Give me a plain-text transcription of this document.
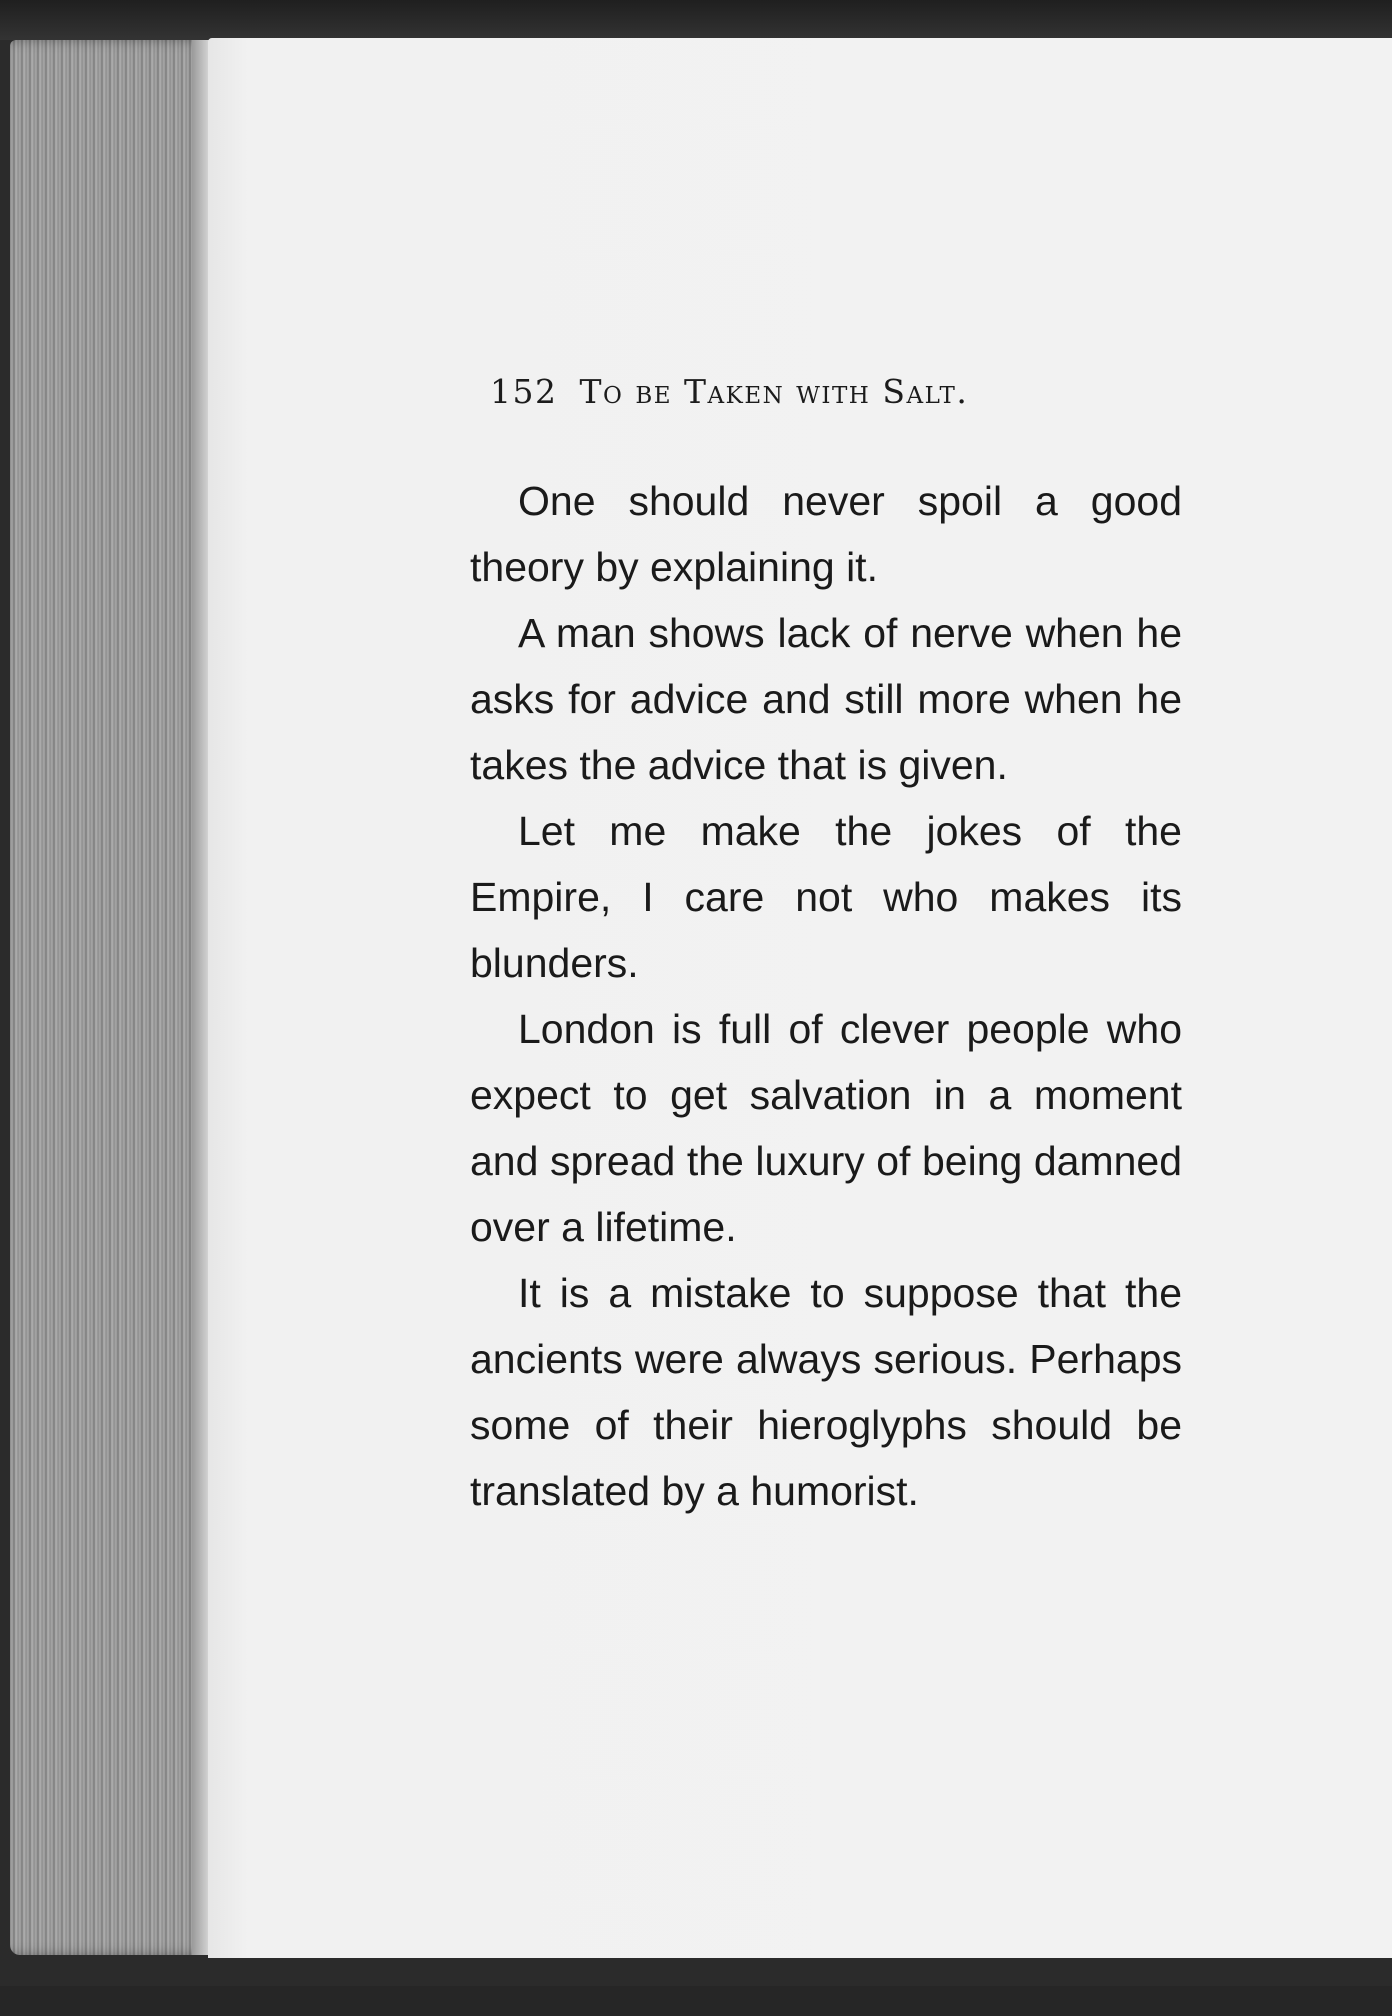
152 To be Taken with Salt.

One should never spoil a good theory by explaining it.

A man shows lack of nerve when he asks for advice and still more when he takes the advice that is given.

Let me make the jokes of the Empire, I care not who makes its blunders.

London is full of clever people who expect to get salvation in a moment and spread the luxury of being damned over a lifetime.

It is a mistake to suppose that the ancients were always serious. Perhaps some of their hieroglyphs should be translated by a humorist.
